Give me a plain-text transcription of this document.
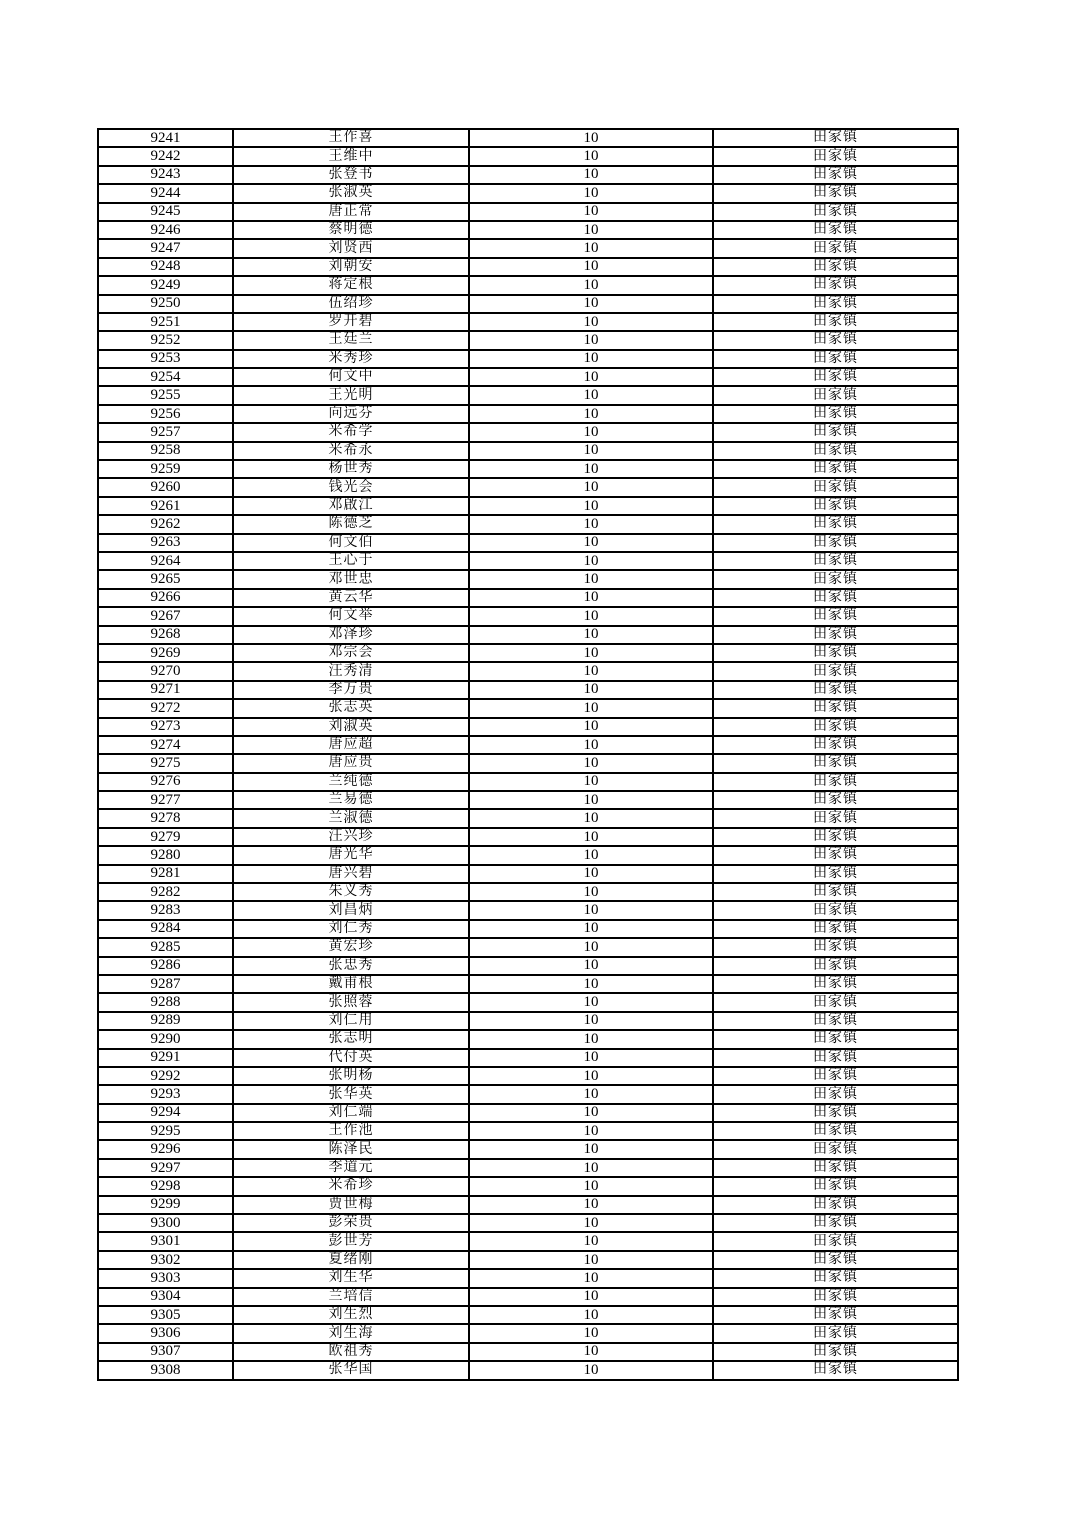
9241	王作喜	10	田家镇
9242	王维中	10	田家镇
9243	张登书	10	田家镇
9244	张淑英	10	田家镇
9245	唐正常	10	田家镇
9246	蔡明德	10	田家镇
9247	刘贤西	10	田家镇
9248	刘朝安	10	田家镇
9249	蒋定根	10	田家镇
9250	伍绍珍	10	田家镇
9251	罗开碧	10	田家镇
9252	王廷兰	10	田家镇
9253	米秀珍	10	田家镇
9254	何文中	10	田家镇
9255	王光明	10	田家镇
9256	向远芬	10	田家镇
9257	米希学	10	田家镇
9258	米希永	10	田家镇
9259	杨世秀	10	田家镇
9260	钱光会	10	田家镇
9261	邓啟江	10	田家镇
9262	陈德芝	10	田家镇
9263	何文伯	10	田家镇
9264	王心于	10	田家镇
9265	邓世忠	10	田家镇
9266	黄云华	10	田家镇
9267	何文举	10	田家镇
9268	邓泽珍	10	田家镇
9269	邓宗会	10	田家镇
9270	汪秀清	10	田家镇
9271	李万贵	10	田家镇
9272	张志英	10	田家镇
9273	刘淑英	10	田家镇
9274	唐应超	10	田家镇
9275	唐应贵	10	田家镇
9276	兰纯德	10	田家镇
9277	兰易德	10	田家镇
9278	兰淑德	10	田家镇
9279	汪兴珍	10	田家镇
9280	唐光华	10	田家镇
9281	唐兴碧	10	田家镇
9282	朱义秀	10	田家镇
9283	刘昌炳	10	田家镇
9284	刘仁秀	10	田家镇
9285	黄宏珍	10	田家镇
9286	张忠秀	10	田家镇
9287	戴甫根	10	田家镇
9288	张照蓉	10	田家镇
9289	刘仁用	10	田家镇
9290	张志明	10	田家镇
9291	代付英	10	田家镇
9292	张明杨	10	田家镇
9293	张华英	10	田家镇
9294	刘仁端	10	田家镇
9295	王作池	10	田家镇
9296	陈泽民	10	田家镇
9297	李道元	10	田家镇
9298	米希珍	10	田家镇
9299	贾世梅	10	田家镇
9300	彭荣贵	10	田家镇
9301	彭世芳	10	田家镇
9302	夏绪刚	10	田家镇
9303	刘生华	10	田家镇
9304	兰培信	10	田家镇
9305	刘生烈	10	田家镇
9306	刘生海	10	田家镇
9307	欧祖秀	10	田家镇
9308	张华国	10	田家镇
